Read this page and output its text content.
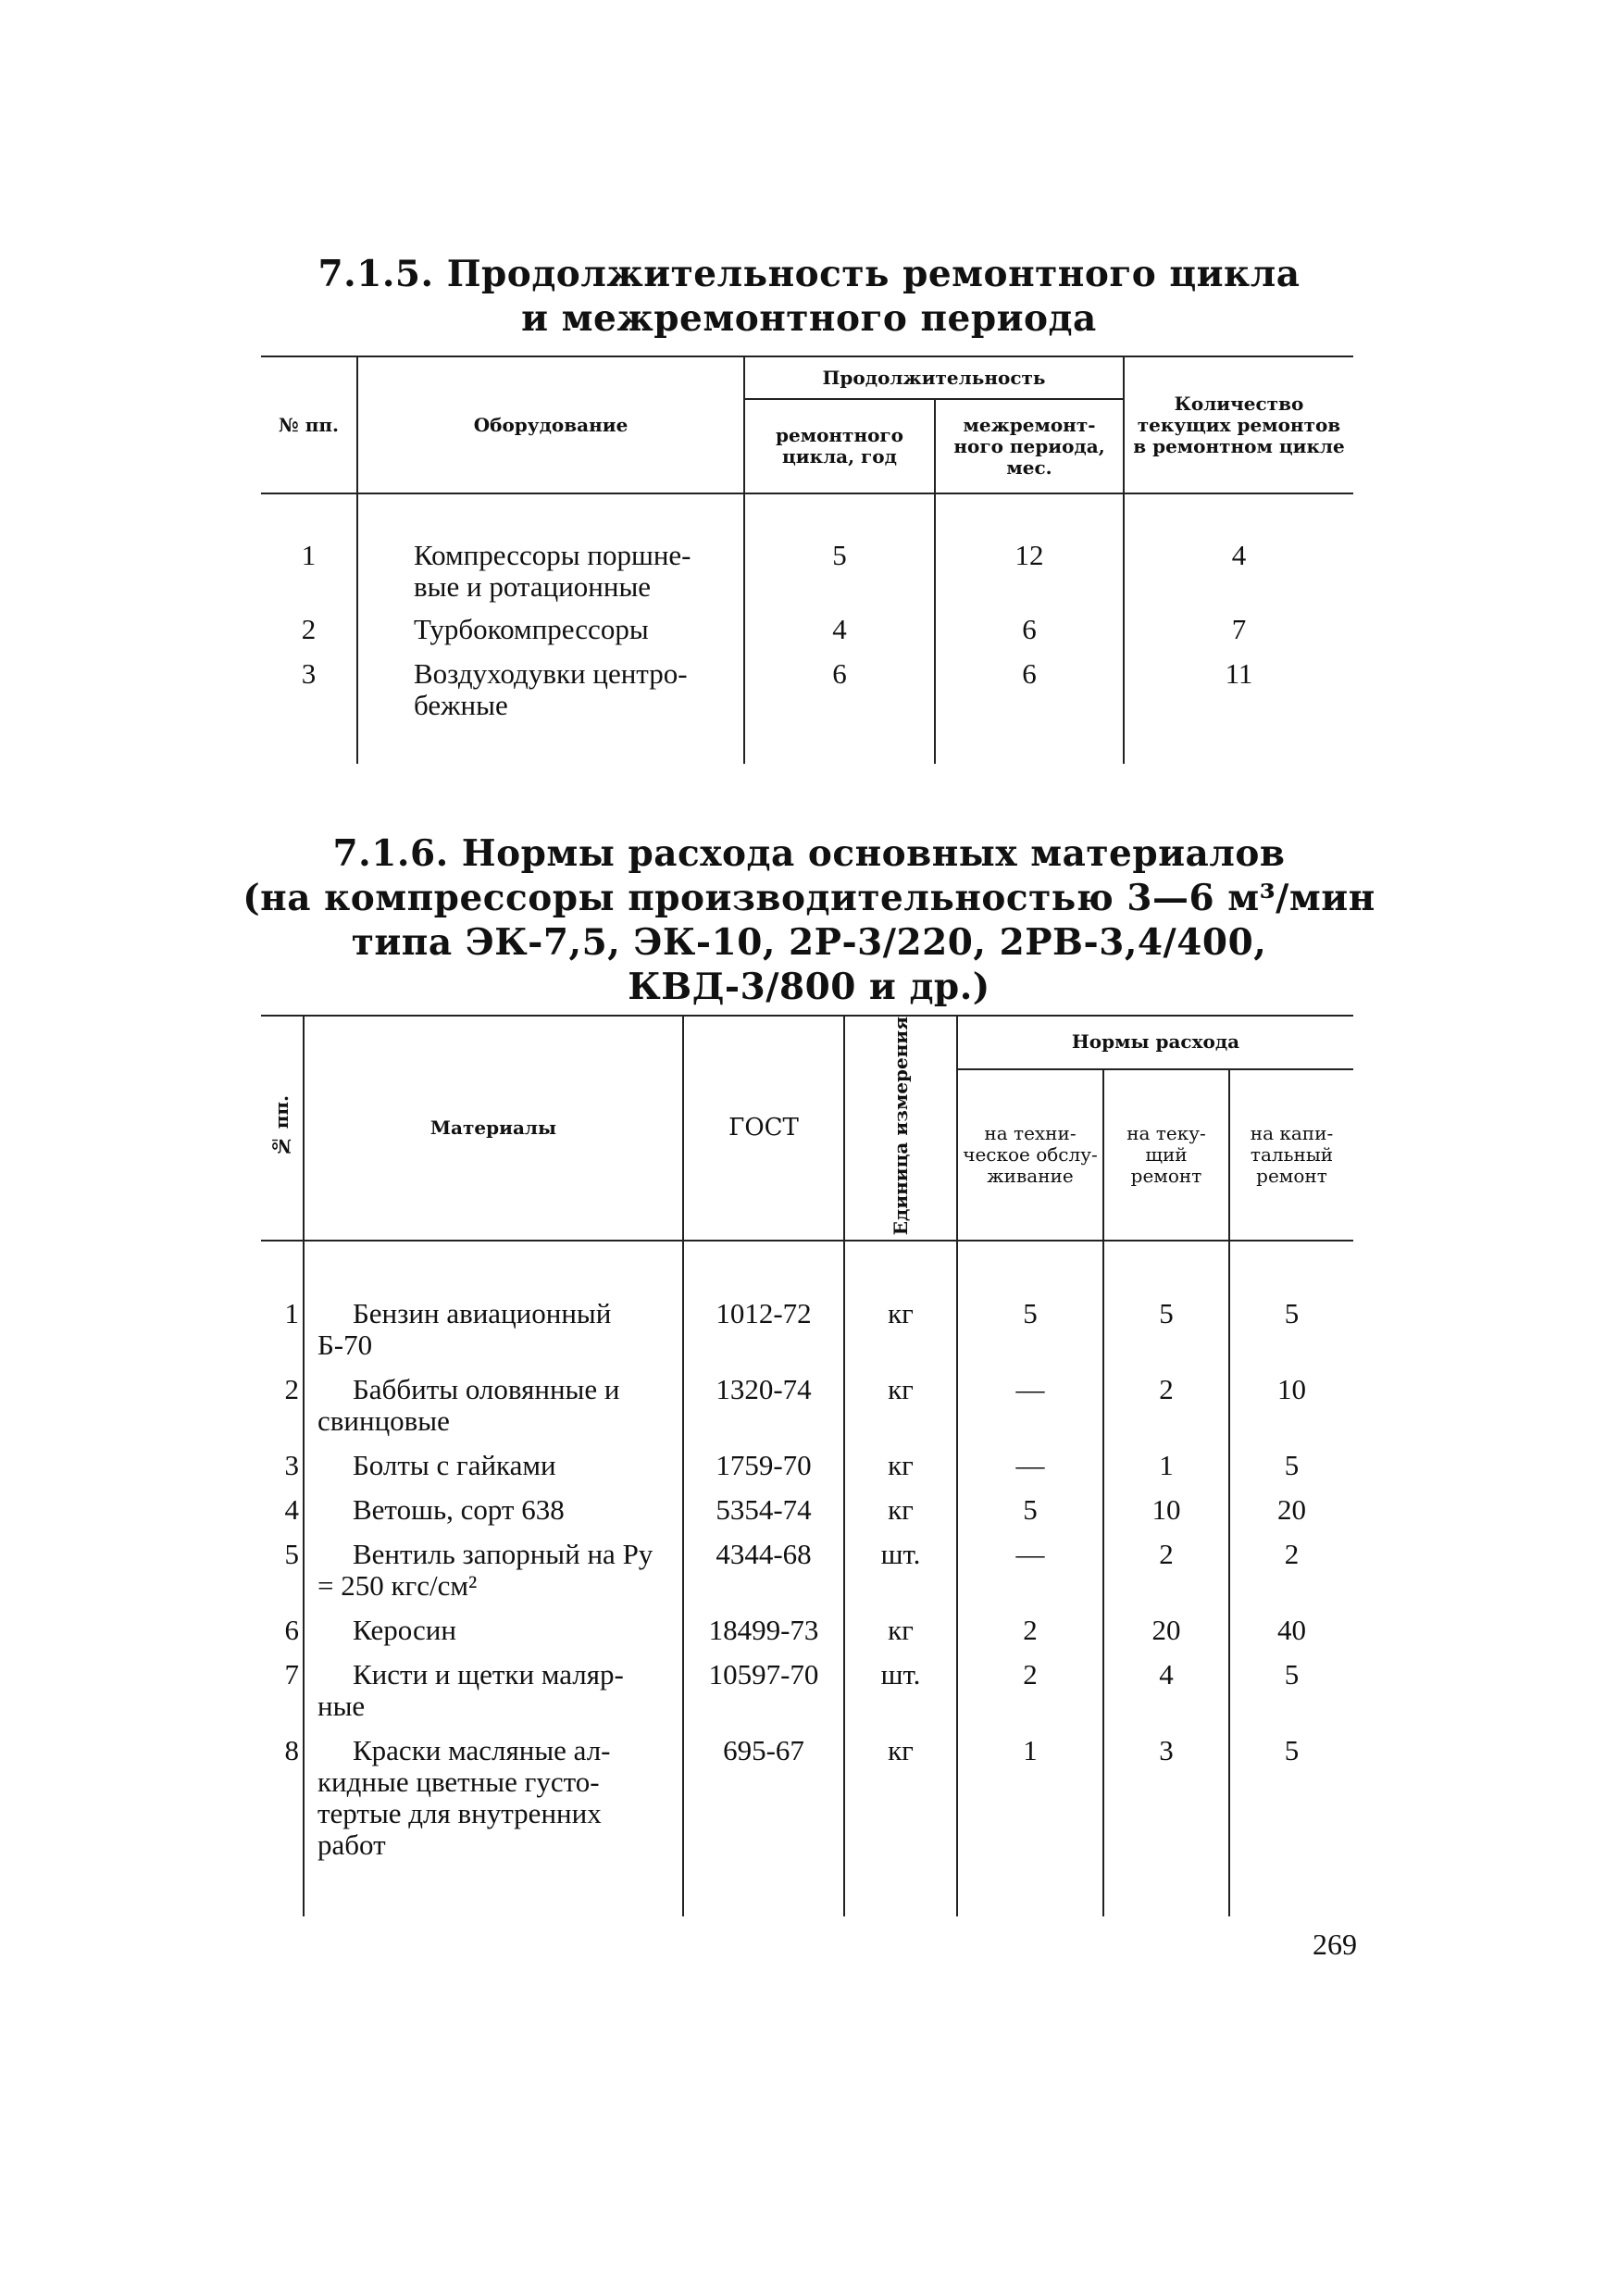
7.1.5. Продолжительность ремонтного цикла
и межремонтного периода
№ пп.	Оборудование	Продолжительность		Количество текущих ремонтов в ремонтном цикле
		ремонтного цикла, год	межремонт- ного периода, мес.	

1	Компрессоры поршне- вые и ротационные	5	12	4

2	Турбокомпрессоры	4	6	7

3	Воздуходувки центро- бежные	6	6	11

7.1.6. Нормы расхода основных материалов
(на компрессоры производительностью 3—6 м³/мин
типа ЭК-7,5, ЭК-10, 2Р-3/220, 2РВ-3,4/400,
КВД-3/800 и др.)
№ пп.	Материалы	ГОСТ	Единица измерения	Нормы расхода		
				на техни- ческое обслу- живание	на теку- щий ремонт	на капи- тальный ремонт

1	Бензин авиационный Б-70	1012-72	кг	5	5	5

2	Баббиты оловянные и свинцовые	1320-74	кг	—	2	10

3	Болты с гайками	1759-70	кг	—	1	5

4	Ветошь, сорт 638	5354-74	кг	5	10	20

5	Вентиль запорный на Pу = 250 кгс/см²	4344-68	шт.	—	2	2

6	Керосин	18499-73	кг	2	20	40

7	Кисти и щетки маляр- ные	10597-70	шт.	2	4	5

8	Краски масляные ал- кидные цветные густо- тертые для внутренних работ	695-67	кг	1	3	5

269
